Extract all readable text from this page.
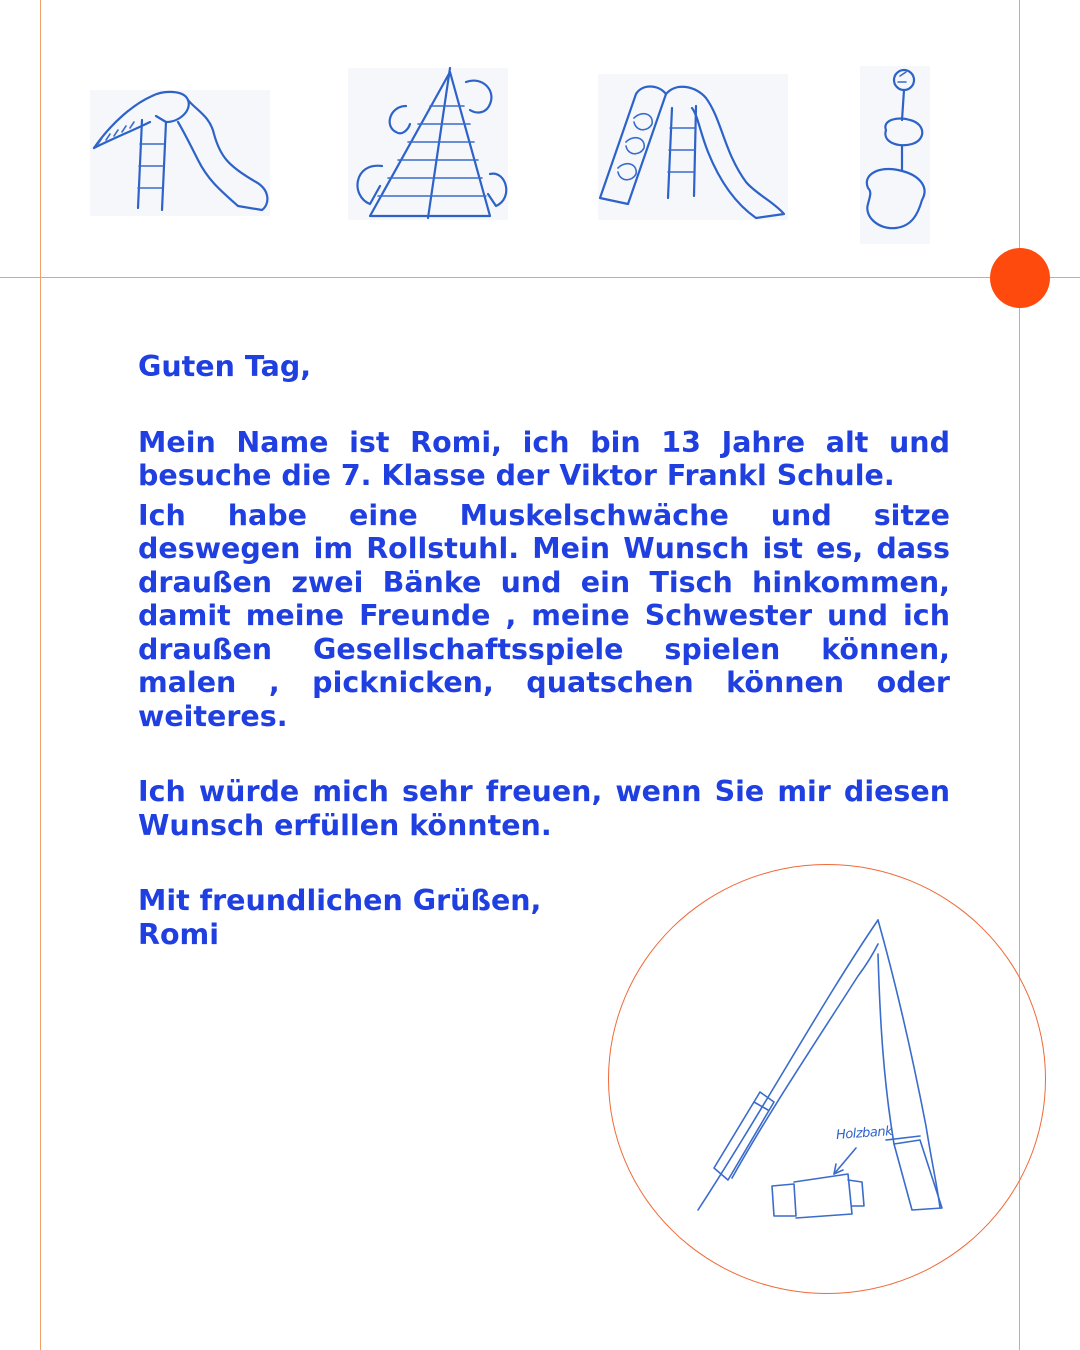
Guten Tag,

Mein Name ist Romi, ich bin 13 Jahre alt und besuche die 7. Klasse der Viktor Frankl Schule.

Ich habe eine Muskelschwäche und sitze deswegen im Rollstuhl. Mein Wunsch ist es, dass draußen zwei Bänke und ein Tisch hinkommen, damit meine Freunde , meine Schwester und ich draußen Gesellschaftsspiele spielen können, malen , picknicken, quatschen können oder weiteres.

Ich würde mich sehr freuen, wenn Sie mir diesen Wunsch erfüllen könnten.

Mit freundlichen Grüßen,

Romi

Holzbank
